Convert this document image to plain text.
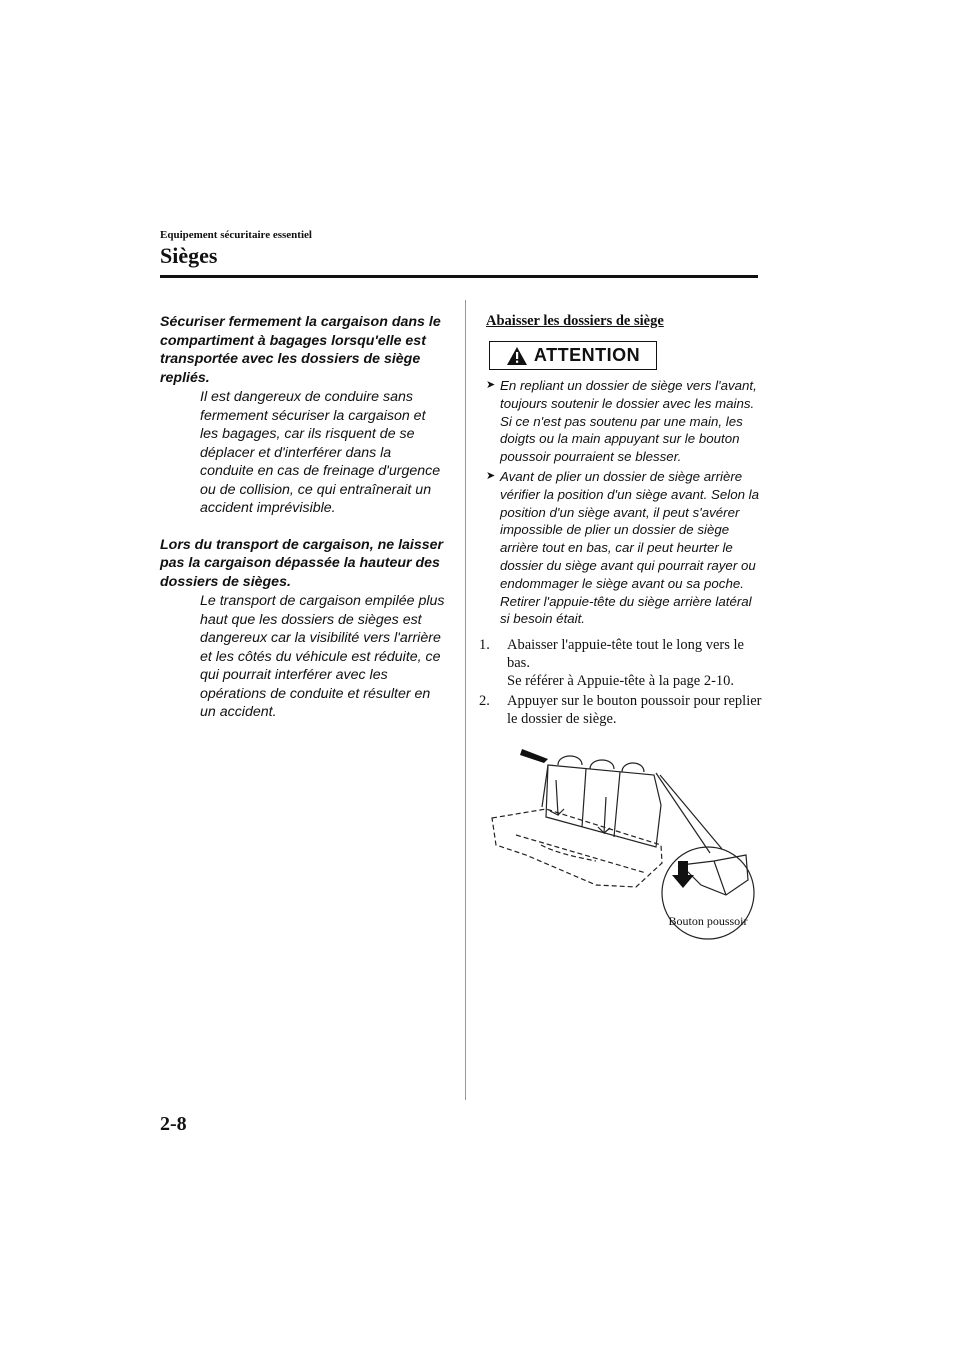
Equipement sécuritaire essentiel
Sièges
Sécuriser fermement la cargaison dans le compartiment à bagages lorsqu'elle est transportée avec les dossiers de siège repliés.
Il est dangereux de conduire sans fermement sécuriser la cargaison et les bagages, car ils risquent de se déplacer et d'interférer dans la conduite en cas de freinage d'urgence ou de collision, ce qui entraînerait un accident imprévisible.
Lors du transport de cargaison, ne laisser pas la cargaison dépassée la hauteur des dossiers de sièges.
Le transport de cargaison empilée plus haut que les dossiers de sièges est dangereux car la visibilité vers l'arrière et les côtés du véhicule est réduite, ce qui pourrait interférer avec les opérations de conduite et résulter en un accident.
Abaisser les dossiers de siège
ATTENTION
➤ En repliant un dossier de siège vers l'avant, toujours soutenir le dossier avec les mains. Si ce n'est pas soutenu par une main, les doigts ou la main appuyant sur le bouton poussoir pourraient se blesser.
➤ Avant de plier un dossier de siège arrière vérifier la position d'un siège avant. Selon la position d'un siège avant, il peut s'avérer impossible de plier un dossier de siège arrière tout en bas, car il peut heurter le dossier du siège avant qui pourrait rayer ou endommager le siège avant ou sa poche. Retirer l'appuie-tête du siège arrière latéral si besoin était.
1. Abaisser l'appuie-tête tout le long vers le bas.
Se référer à Appuie-tête à la page 2-10.
2. Appuyer sur le bouton poussoir pour replier le dossier de siège.
Bouton poussoir
2-8
